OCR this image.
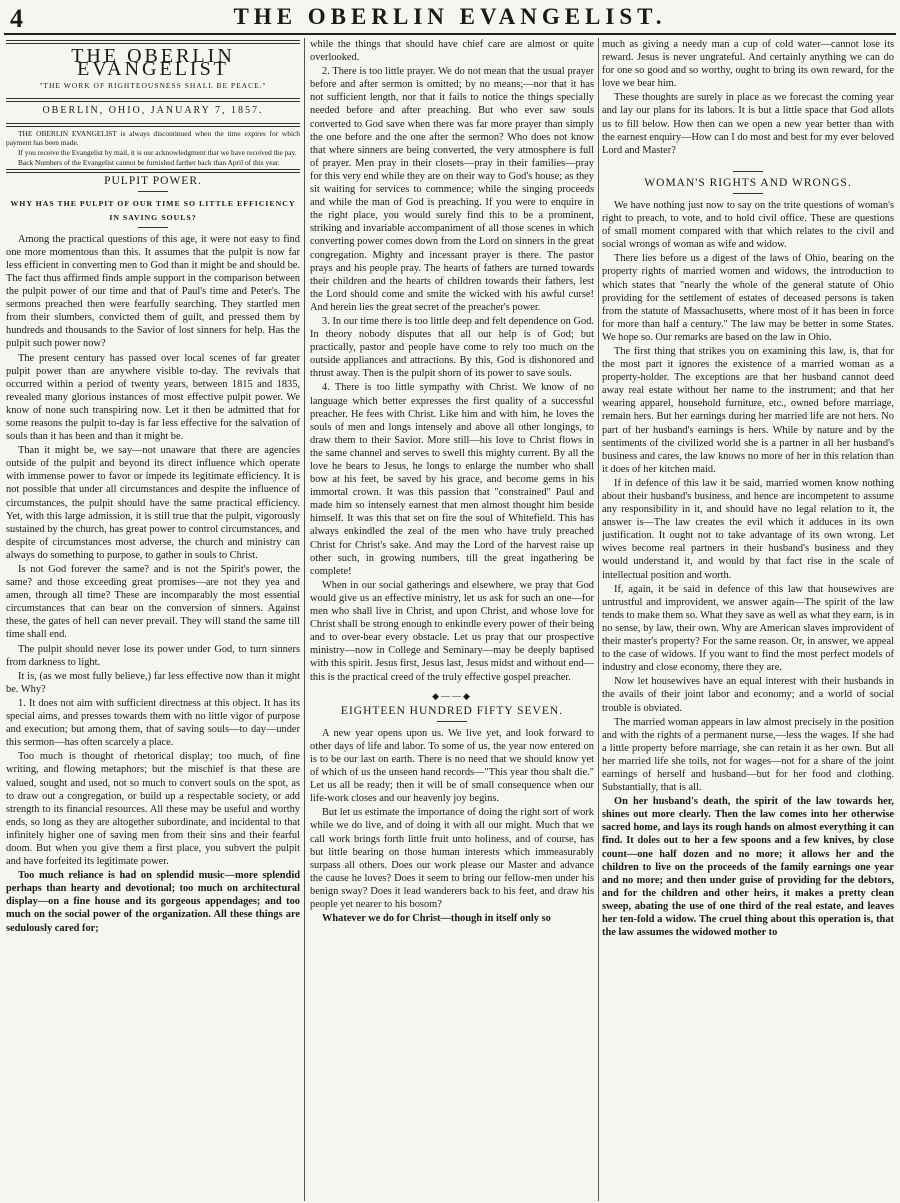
4	THE OBERLIN EVANGELIST.

THE OBERLIN EVANGELIST

"THE WORK OF RIGHTEOUSNESS SHALL BE PEACE."

OBERLIN, OHIO, JANUARY 7, 1857.

THE OBERLIN EVANGELIST is always discontinued when the time expires for which payment has been made.

If you receive the Evangelist by mail, it is our acknowledgment that we have received the pay.

Back Numbers of the Evangelist cannot be furnished farther back than April of this year.

PULPIT POWER.

WHY HAS THE PULPIT OF OUR TIME SO LITTLE EFFICIENCY IN SAVING SOULS?

Among the practical questions of this age, it were not easy to find one more momentous than this. It assumes that the pulpit is now far less efficient in converting men to God than it might be and should be. The fact thus affirmed finds ample support in the comparison between the pulpit power of our time and that of Paul's time and Peter's. The sermons preached then were fearfully searching. They startled men from their slumbers, convicted them of guilt, and pressed them by hundreds and thousands to the Savior of lost sinners for help. Has the pulpit such power now?

The present century has passed over local scenes of far greater pulpit power than are anywhere visible to-day. The revivals that occurred within a period of twenty years, between 1815 and 1835, revealed many glorious instances of most effective pulpit power. We know of none such transpiring now. Let it then be admitted that for some reasons the pulpit to-day is far less effective for the salvation of souls than it has been and than it might be.

Than it might be, we say—not unaware that there are agencies outside of the pulpit and beyond its direct influence which operate with immense power to favor or impede its legitimate efficiency. It is not possible that under all circumstances and despite the influence of circumstances, the pulpit should have the same practical efficiency. Yet, with this large admission, it is still true that the pulpit, vigorously sustained by the church, has great power to control circumstances, and despite of circumstances most adverse, the church and ministry can always do something to purpose, to gather in souls to Christ.

Is not God forever the same? and is not the Spirit's power, the same? and those exceeding great promises—are not they yea and amen, through all time? These are incomparably the most essential circumstances that can bear on the conversion of sinners. Against these, the gates of hell can never prevail. They will stand the same till time shall end.

The pulpit should never lose its power under God, to turn sinners from darkness to light.

It is, (as we most fully believe,) far less effective now than it might be. Why?

1. It does not aim with sufficient directness at this object. It has its special aims, and presses towards them with no little vigor of purpose and execution; but among them, that of saving souls—to day—under this sermon—has often scarcely a place.

Too much is thought of rhetorical display; too much, of fine writing, and flowing metaphors; but the mischief is that these are valued, sought and used, not so much to convert souls on the spot, as to draw out a congregation, or build up a respectable society, or add strength to its financial resources. All these may be useful and worthy ends, so long as they are altogether subordinate, and incidental to that infinitely higher one of saving men from their sins and their fearful doom. But when you give them a first place, you subvert the pulpit and have forfeited its legitimate power.

Too much reliance is had on splendid music—more splendid perhaps than hearty and devotional; too much on architectural display—on a fine house and its gorgeous appendages; and too much on the social power of the organization. All these things are sedulously cared for;

while the things that should have chief care are almost or quite overlooked.

2. There is too little prayer. We do not mean that the usual prayer before and after sermon is omitted; by no means;—nor that it has not sufficient length, nor that it fails to notice the things specially needed before and after preaching. But who ever saw souls converted to God save when there was far more prayer than simply the one before and the one after the sermon? Who does not know that where sinners are being converted, the very atmosphere is full of prayer. Men pray in their closets—pray in their families—pray for this very end while they are on their way to God's house; as they sit waiting for services to commence; while the singing proceeds and while the man of God is preaching. If you were to enquire in the right place, you would surely find this to be a prominent, striking and invariable accompaniment of all those scenes in which converting power comes down from the Lord on sinners in the great congregation. Mighty and incessant prayer is there. The pastor prays and his people pray. The hearts of fathers are turned towards their children and the hearts of children towards their fathers, lest the Lord should come and smite the wicked with his awful curse! And herein lies the great secret of the preacher's power.

3. In our time there is too little deep and felt dependence on God. In theory nobody disputes that all our help is of God; but practically, pastor and people have come to rely too much on the outside appliances and attractions. By this, God is dishonored and thrust away. Then is the pulpit shorn of its power to save souls.

4. There is too little sympathy with Christ. We know of no language which better expresses the first quality of a successful preacher. He fees with Christ. Like him and with him, he loves the souls of men and longs intensely and above all other longings, to draw them to their Savior. More still—his love to Christ flows in the same channel and serves to swell this mighty current. By all the love he bears to Jesus, he longs to enlarge the number who shall bow at his feet, be saved by his grace, and become gems in his immortal crown. It was this passion that "constrained" Paul and made him so intensely earnest that men almost thought him beside himself. It was this that set on fire the soul of Whitefield. This has always enkindled the zeal of the men who have truly preached Christ for Christ's sake. And may the Lord of the harvest raise up other such, in growing numbers, till the great ingathering be complete!

When in our social gatherings and elsewhere, we pray that God would give us an effective ministry, let us ask for such an one—for men who shall live in Christ, and upon Christ, and whose love for Christ shall be strong enough to enkindle every power of their being and to over-bear every obstacle. Let us pray that our prospective ministry—now in College and Seminary—may be deeply baptised with this spirit. Jesus first, Jesus last, Jesus midst and without end—this is the practical creed of the truly effective gospel preacher.

◆——◆

EIGHTEEN HUNDRED FIFTY SEVEN.

A new year opens upon us. We live yet, and look forward to other days of life and labor. To some of us, the year now entered on is to be our last on earth. There is no need that we should know yet of which of us the unseen hand records—"This year thou shalt die." Let us all be ready; then it will be of small consequence when our life-work closes and our heavenly joy begins.

But let us estimate the importance of doing the right sort of work while we do live, and of doing it with all our might. Much that we call work brings forth little fruit unto holiness, and of course, has but little bearing on those human interests which immeasurably surpass all others. Does our work please our Master and advance the cause he loves? Does it seem to bring our fellow-men under his benign sway? Does it lead wanderers back to his feet, and draw his people yet nearer to his bosom?

Whatever we do for Christ—though in itself only so

much as giving a needy man a cup of cold water—cannot lose its reward. Jesus is never ungrateful. And certainly anything we can do for one so good and so worthy, ought to bring its own reward, for the love we bear him.

These thoughts are surely in place as we forecast the coming year and lay our plans for its labors. It is but a little space that God allots us to fill below. How then can we open a new year better than with the earnest enquiry—How can I do most and best for my ever beloved Lord and Master?

WOMAN'S RIGHTS AND WRONGS.

We have nothing just now to say on the trite questions of woman's right to preach, to vote, and to hold civil office. These are questions of small moment compared with that which relates to the civil and social wrongs of woman as wife and widow.

There lies before us a digest of the laws of Ohio, bearing on the property rights of married women and widows, the introduction to which states that "nearly the whole of the general statute of Ohio providing for the settlement of estates of deceased persons is taken from the statute of Massachusetts, where most of it has been in force for more than half a century." The law may be better in some States. We hope so. Our remarks are based on the law in Ohio.

The first thing that strikes you on examining this law, is, that for the most part it ignores the existence of a married woman as a property-holder. The exceptions are that her husband cannot deed away real estate without her name to the instrument; and that her wearing apparel, household furniture, etc., owned before marriage, remain hers. But her earnings during her married life are not hers. No part of her husband's earnings is hers. While by nature and by the sentiments of the civilized world she is a partner in all her husband's business and cares, the law knows no more of her in this relation than it does of her kitchen maid.

If in defence of this law it be said, married women know nothing about their husband's business, and hence are incompetent to assume any responsibility in it, and should have no legal relation to it, the answer is—The law creates the evil which it adduces in its own justification. It ought not to take advantage of its own wrong. Let wives become real partners in their husband's business and they would understand it, and would by that fact rise in the scale of intellectual position and worth.

If, again, it be said in defence of this law that housewives are untrustful and improvident, we answer again—The spirit of the law tends to make them so. What they save as well as what they earn, is in no sense, by law, their own. Why are American slaves improvident of their master's property? For the same reason. Or, in answer, we appeal to the case of widows. If you want to find the most perfect models of industry and close economy, there they are.

Now let housewives have an equal interest with their husbands in the avails of their joint labor and economy; and a world of social trouble is obviated.

The married woman appears in law almost precisely in the position and with the rights of a permanent nurse,—less the wages. If she had a little property before marriage, she can retain it as her own. But all her married life she toils, not for wages—not for a share of the joint earnings of herself and husband—but for her food and clothing. Substantially, that is all.

On her husband's death, the spirit of the law towards her, shines out more clearly. Then the law comes into her otherwise sacred home, and lays its rough hands on almost everything it can find. It doles out to her a few spoons and a few knives, by close count—one half dozen and no more; it allows her and the children to live on the proceeds of the family earnings one year and no more; and then under guise of providing for the debtors, and for the children and other heirs, it makes a pretty clean sweep, abating the use of one third of the real estate, and leaves her ten-fold a widow. The cruel thing about this operation is, that the law assumes the widowed mother to
